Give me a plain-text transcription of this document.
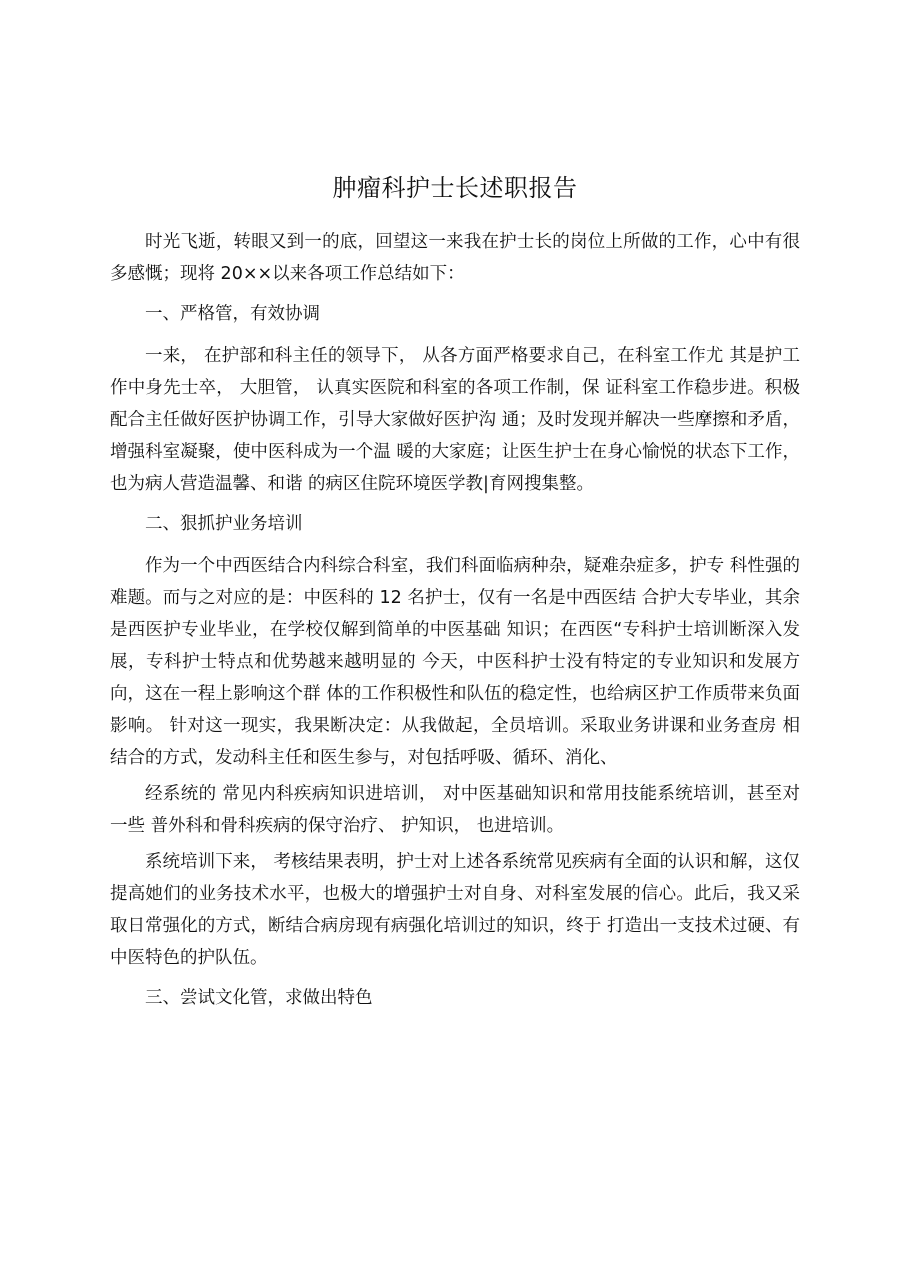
肿瘤科护士长述职报告

时光飞逝，转眼又到一的底，回望这一来我在护士长的岗位上所做的工作，心中有很多感慨；现将 20××以来各项工作总结如下：

一、严格管，有效协调

一来， 在护部和科主任的领导下， 从各方面严格要求自己，在科室工作尤 其是护工作中身先士卒， 大胆管， 认真实医院和科室的各项工作制，保 证科室工作稳步进。积极配合主任做好医护协调工作，引导大家做好医护沟 通；及时发现并解决一些摩擦和矛盾，增强科室凝聚，使中医科成为一个温 暖的大家庭；让医生护士在身心愉悦的状态下工作，也为病人营造温馨、和谐 的病区住院环境医学教|育网搜集整。

二、狠抓护业务培训

作为一个中西医结合内科综合科室，我们科面临病种杂，疑难杂症多，护专 科性强的难题。而与之对应的是：中医科的 12 名护士，仅有一名是中西医结 合护大专毕业，其余是西医护专业毕业，在学校仅解到简单的中医基础 知识；在西医“专科护士培训断深入发展，专科护士特点和优势越来越明显的 今天，中医科护士没有特定的专业知识和发展方向，这在一程上影响这个群 体的工作积极性和队伍的稳定性，也给病区护工作质带来负面影响。 针对这一现实，我果断决定：从我做起，全员培训。采取业务讲课和业务查房 相结合的方式，发动科主任和医生参与，对包括呼吸、循环、消化、

经系统的 常见内科疾病知识进培训， 对中医基础知识和常用技能系统培训，甚至对一些 普外科和骨科疾病的保守治疗、 护知识， 也进培训。

系统培训下来， 考核结果表明，护士对上述各系统常见疾病有全面的认识和解，这仅提高她们的业务技术水平，也极大的增强护士对自身、对科室发展的信心。此后，我又采取日常强化的方式，断结合病房现有病强化培训过的知识，终于 打造出一支技术过硬、有中医特色的护队伍。

三、尝试文化管，求做出特色
